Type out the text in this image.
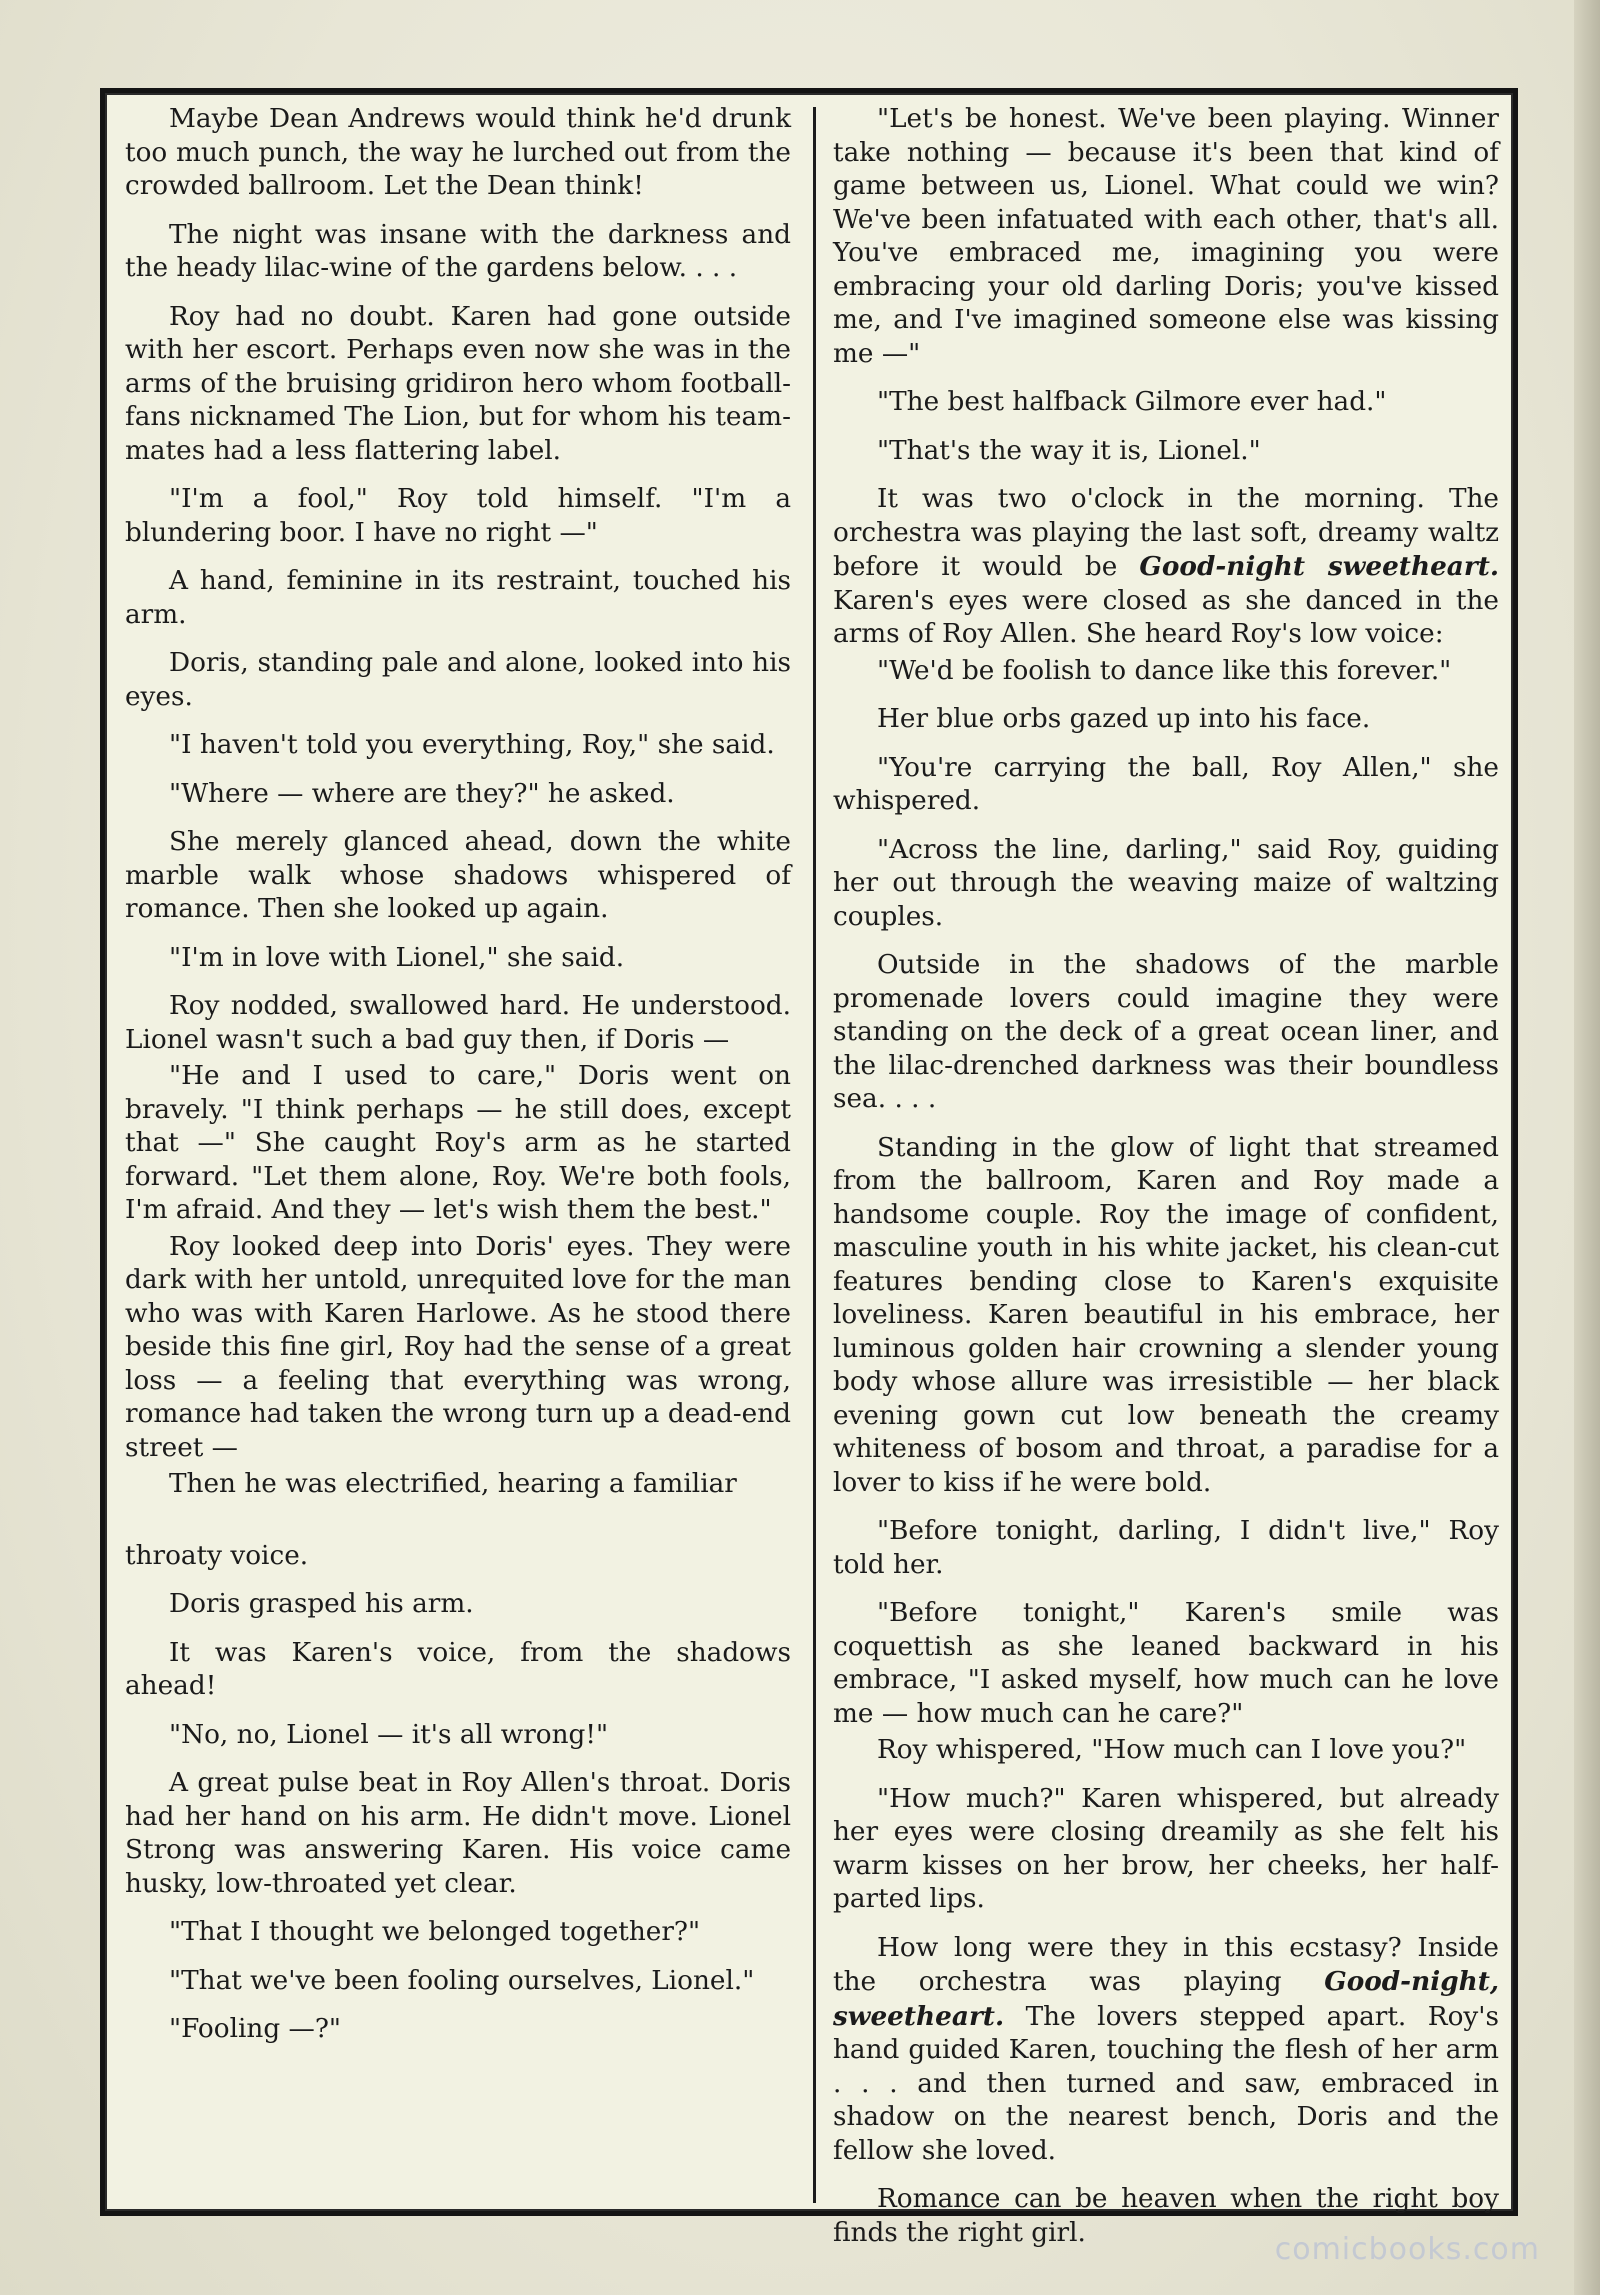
Maybe Dean Andrews would think he'd drunk too much punch, the way he lurched out from the crowded ballroom. Let the Dean think!

The night was insane with the darkness and the heady lilac-wine of the gardens below. . . .

Roy had no doubt. Karen had gone outside with her escort. Perhaps even now she was in the arms of the bruising gridiron hero whom football-fans nicknamed The Lion, but for whom his team-mates had a less flattering label.

"I'm a fool," Roy told himself. "I'm a blundering boor. I have no right —"

A hand, feminine in its restraint, touched his arm.

Doris, standing pale and alone, looked into his eyes.

"I haven't told you everything, Roy," she said.

"Where — where are they?" he asked.

She merely glanced ahead, down the white marble walk whose shadows whispered of romance. Then she looked up again.

"I'm in love with Lionel," she said.

Roy nodded, swallowed hard. He understood. Lionel wasn't such a bad guy then, if Doris —

"He and I used to care," Doris went on bravely. "I think perhaps — he still does, except that —" She caught Roy's arm as he started forward. "Let them alone, Roy. We're both fools, I'm afraid. And they — let's wish them the best."

Roy looked deep into Doris' eyes. They were dark with her untold, unrequited love for the man who was with Karen Harlowe. As he stood there beside this fine girl, Roy had the sense of a great loss — a feeling that everything was wrong, romance had taken the wrong turn up a dead-end street —

Then he was electrified, hearing a familiar

throaty voice.

Doris grasped his arm.

It was Karen's voice, from the shadows ahead!

"No, no, Lionel — it's all wrong!"

A great pulse beat in Roy Allen's throat. Doris had her hand on his arm. He didn't move. Lionel Strong was answering Karen. His voice came husky, low-throated yet clear.

"That I thought we belonged together?"

"That we've been fooling ourselves, Lionel."

"Fooling —?"

"Let's be honest. We've been playing. Winner take nothing — because it's been that kind of game between us, Lionel. What could we win? We've been infatuated with each other, that's all. You've embraced me, imagining you were embracing your old darling Doris; you've kissed me, and I've imagined someone else was kissing me —"

"The best halfback Gilmore ever had."

"That's the way it is, Lionel."

It was two o'clock in the morning. The orchestra was playing the last soft, dreamy waltz before it would be Good-night sweetheart. Karen's eyes were closed as she danced in the arms of Roy Allen. She heard Roy's low voice:

"We'd be foolish to dance like this forever."

Her blue orbs gazed up into his face.

"You're carrying the ball, Roy Allen," she whispered.

"Across the line, darling," said Roy, guiding her out through the weaving maize of waltzing couples.

Outside in the shadows of the marble promenade lovers could imagine they were standing on the deck of a great ocean liner, and the lilac-drenched darkness was their boundless sea. . . .

Standing in the glow of light that streamed from the ballroom, Karen and Roy made a handsome couple. Roy the image of confident, masculine youth in his white jacket, his clean-cut features bending close to Karen's exquisite loveliness. Karen beautiful in his embrace, her luminous golden hair crowning a slender young body whose allure was irresistible — her black evening gown cut low beneath the creamy whiteness of bosom and throat, a paradise for a lover to kiss if he were bold.

"Before tonight, darling, I didn't live," Roy told her.

"Before tonight," Karen's smile was coquettish as she leaned backward in his embrace, "I asked myself, how much can he love me — how much can he care?"

Roy whispered, "How much can I love you?"

"How much?" Karen whispered, but already her eyes were closing dreamily as she felt his warm kisses on her brow, her cheeks, her half-parted lips.

How long were they in this ecstasy? Inside the orchestra was playing Good-night, sweetheart. The lovers stepped apart. Roy's hand guided Karen, touching the flesh of her arm . . . and then turned and saw, embraced in shadow on the nearest bench, Doris and the fellow she loved.

Romance can be heaven when the right boy finds the right girl.	comicbooks.com
